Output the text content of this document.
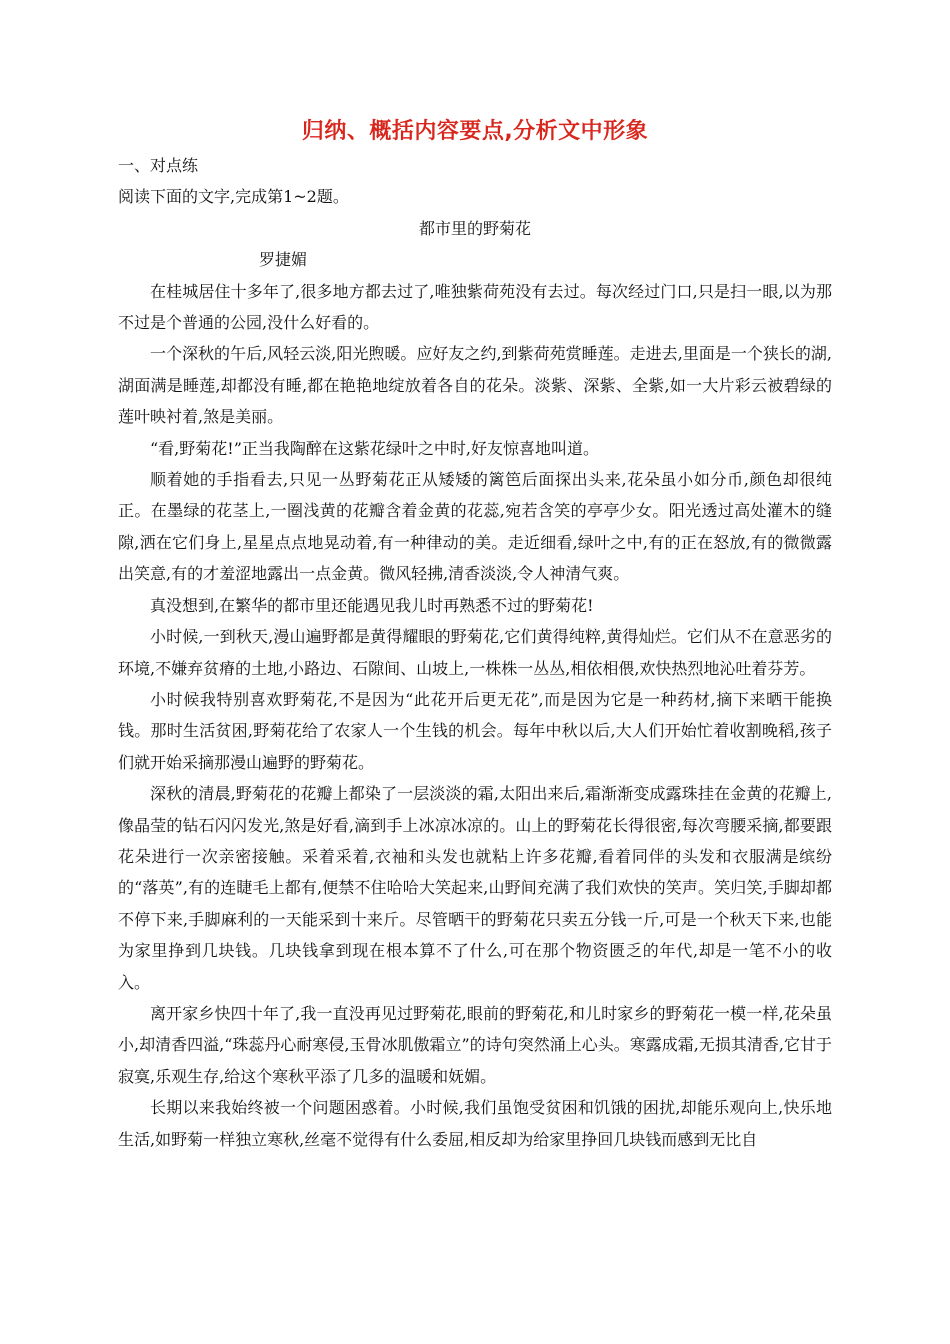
归纳、概括内容要点,分析文中形象

一、对点练

阅读下面的文字,完成第1~2题。

都市里的野菊花

罗捷媚

在桂城居住十多年了,很多地方都去过了,唯独紫荷苑没有去过。每次经过门口,只是扫一眼,以为那不过是个普通的公园,没什么好看的。

一个深秋的午后,风轻云淡,阳光煦暖。应好友之约,到紫荷苑赏睡莲。走进去,里面是一个狭长的湖,湖面满是睡莲,却都没有睡,都在艳艳地绽放着各自的花朵。淡紫、深紫、全紫,如一大片彩云被碧绿的莲叶映衬着,煞是美丽。

“看,野菊花!”正当我陶醉在这紫花绿叶之中时,好友惊喜地叫道。

顺着她的手指看去,只见一丛野菊花正从矮矮的篱笆后面探出头来,花朵虽小如分币,颜色却很纯正。在墨绿的花茎上,一圈浅黄的花瓣含着金黄的花蕊,宛若含笑的亭亭少女。阳光透过高处灌木的缝隙,洒在它们身上,星星点点地晃动着,有一种律动的美。走近细看,绿叶之中,有的正在怒放,有的微微露出笑意,有的才羞涩地露出一点金黄。微风轻拂,清香淡淡,令人神清气爽。

真没想到,在繁华的都市里还能遇见我儿时再熟悉不过的野菊花!

小时候,一到秋天,漫山遍野都是黄得耀眼的野菊花,它们黄得纯粹,黄得灿烂。它们从不在意恶劣的环境,不嫌弃贫瘠的土地,小路边、石隙间、山坡上,一株株一丛丛,相依相偎,欢快热烈地沁吐着芬芳。

小时候我特别喜欢野菊花,不是因为“此花开后更无花”,而是因为它是一种药材,摘下来晒干能换钱。那时生活贫困,野菊花给了农家人一个生钱的机会。每年中秋以后,大人们开始忙着收割晚稻,孩子们就开始采摘那漫山遍野的野菊花。

深秋的清晨,野菊花的花瓣上都染了一层淡淡的霜,太阳出来后,霜渐渐变成露珠挂在金黄的花瓣上,像晶莹的钻石闪闪发光,煞是好看,滴到手上冰凉冰凉的。山上的野菊花长得很密,每次弯腰采摘,都要跟花朵进行一次亲密接触。采着采着,衣袖和头发也就粘上许多花瓣,看着同伴的头发和衣服满是缤纷的“落英”,有的连睫毛上都有,便禁不住哈哈大笑起来,山野间充满了我们欢快的笑声。笑归笑,手脚却都不停下来,手脚麻利的一天能采到十来斤。尽管晒干的野菊花只卖五分钱一斤,可是一个秋天下来,也能为家里挣到几块钱。几块钱拿到现在根本算不了什么,可在那个物资匮乏的年代,却是一笔不小的收入。

离开家乡快四十年了,我一直没再见过野菊花,眼前的野菊花,和儿时家乡的野菊花一模一样,花朵虽小,却清香四溢,“珠蕊丹心耐寒侵,玉骨冰肌傲霜立”的诗句突然涌上心头。寒露成霜,无损其清香,它甘于寂寞,乐观生存,给这个寒秋平添了几多的温暖和妩媚。

长期以来我始终被一个问题困惑着。小时候,我们虽饱受贫困和饥饿的困扰,却能乐观向上,快乐地生活,如野菊一样独立寒秋,丝毫不觉得有什么委屈,相反却为给家里挣回几块钱而感到无比自
